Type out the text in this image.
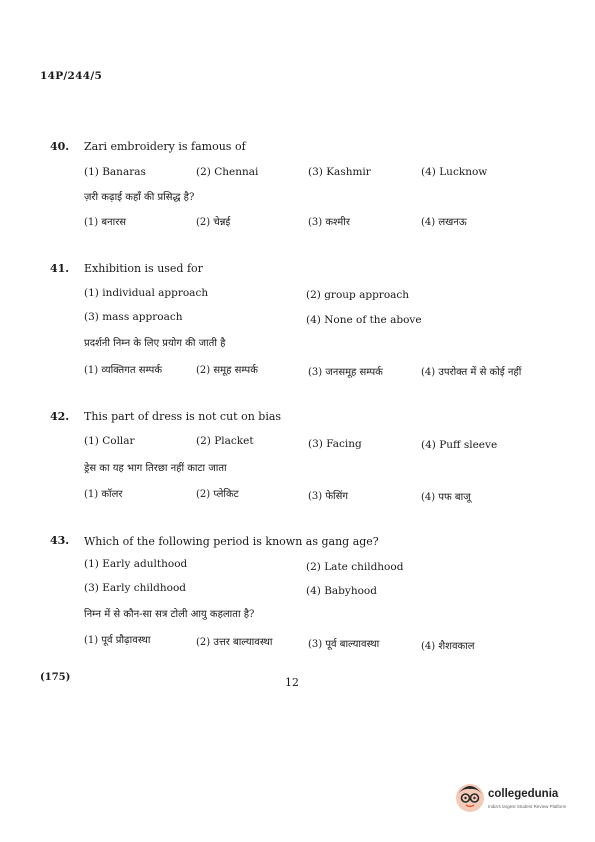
14P/244/5
40. Zari embroidery is famous of
(1) Banaras	(2) Chennai	(3) Kashmir	(4) Lucknow
ज़री कढ़ाई कहाँ की प्रसिद्ध है?
(1) बनारस	(2) चेन्नई	(3) कश्मीर	(4) लखनऊ
41. Exhibition is used for
(1) individual approach	(2) group approach
(3) mass approach	(4) None of the above
प्रदर्शनी निम्न के लिए प्रयोग की जाती है
(1) व्यक्तिगत सम्पर्क	(2) समूह सम्पर्क	(3) जनसमूह सम्पर्क	(4) उपरोक्त में से कोई नहीं
42. This part of dress is not cut on bias
(1) Collar	(2) Placket	(3) Facing	(4) Puff sleeve
ड्रेस का यह भाग तिरछा नहीं काटा जाता
(1) कॉलर	(2) प्लेकिट	(3) फेसिंग	(4) पफ बाजू
43. Which of the following period is known as gang age?
(1) Early adulthood	(2) Late childhood
(3) Early childhood	(4) Babyhood
निम्न में से कौन-सा सत्र टोली आयु कहलाता है?
(1) पूर्व प्रौढ़ावस्था	(2) उत्तर बाल्यावस्था	(3) पूर्व बाल्यावस्था	(4) शैशवकाल
(175)	12
collegedunia
India's largest Student Review Platform
